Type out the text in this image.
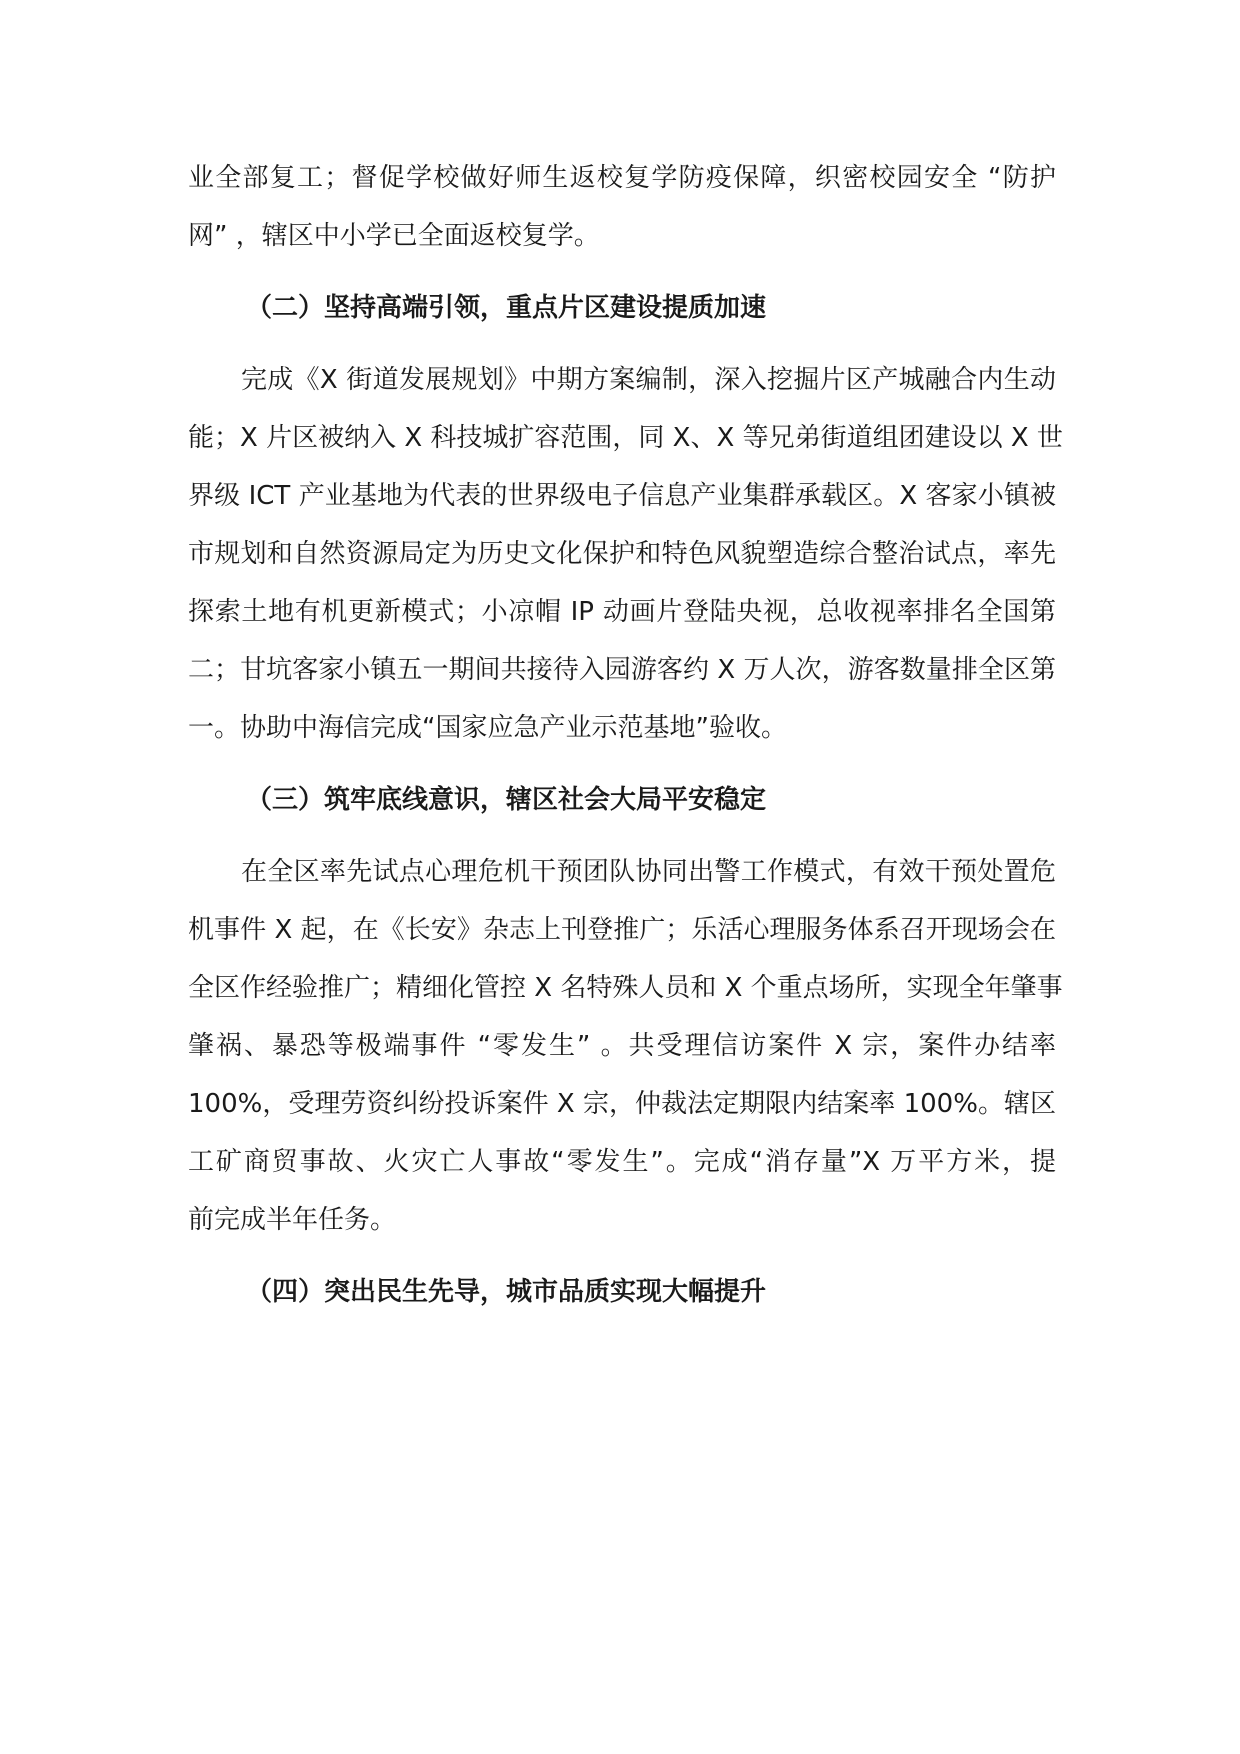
业全部复工；督促学校做好师生返校复学防疫保障，织密校园安全 “防护
网” ，辖区中小学已全面返校复学。
（二）坚持高端引领，重点片区建设提质加速
完成《X 街道发展规划》中期方案编制，深入挖掘片区产城融合内生动
能；X 片区被纳入 X 科技城扩容范围，同 X、X 等兄弟街道组团建设以 X 世
界级 ICT 产业基地为代表的世界级电子信息产业集群承载区。X 客家小镇被
市规划和自然资源局定为历史文化保护和特色风貌塑造综合整治试点，率先
探索土地有机更新模式；小凉帽 IP 动画片登陆央视，总收视率排名全国第
二；甘坑客家小镇五一期间共接待入园游客约 X 万人次，游客数量排全区第
一。协助中海信完成“国家应急产业示范基地”验收。
（三）筑牢底线意识，辖区社会大局平安稳定
在全区率先试点心理危机干预团队协同出警工作模式，有效干预处置危
机事件 X 起，在《长安》杂志上刊登推广；乐活心理服务体系召开现场会在
全区作经验推广；精细化管控 X 名特殊人员和 X 个重点场所，实现全年肇事
肇祸、暴恐等极端事件 “零发生” 。共受理信访案件 X 宗，案件办结率
100%，受理劳资纠纷投诉案件 X 宗，仲裁法定期限内结案率 100%。辖区
工矿商贸事故、火灾亡人事故“零发生”。完成“消存量”X 万平方米，提
前完成半年任务。
（四）突出民生先导，城市品质实现大幅提升
